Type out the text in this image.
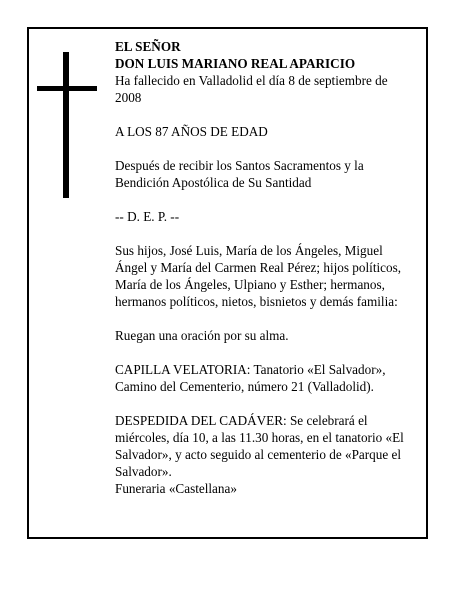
EL SEÑOR

DON LUIS MARIANO REAL APARICIO

Ha fallecido en Valladolid el día 8 de septiembre de 2008

A LOS 87 AÑOS DE EDAD

Después de recibir los Santos Sacramentos y la Bendición Apostólica de Su Santidad

-- D. E. P. --

Sus hijos, José Luis, María de los Ángeles, Miguel Ángel y María del Carmen Real Pérez; hijos políticos, María de los Ángeles, Ulpiano y Esther; hermanos, hermanos políticos, nietos, bisnietos y demás familia:

Ruegan una oración por su alma.

CAPILLA VELATORIA: Tanatorio «El Salvador», Camino del Cementerio, número 21 (Valladolid).

DESPEDIDA DEL CADÁVER: Se celebrará el miércoles, día 10, a las 11.30 horas, en el tanatorio «El Salvador», y acto seguido al cementerio de «Parque el Salvador».

Funeraria «Castellana»
